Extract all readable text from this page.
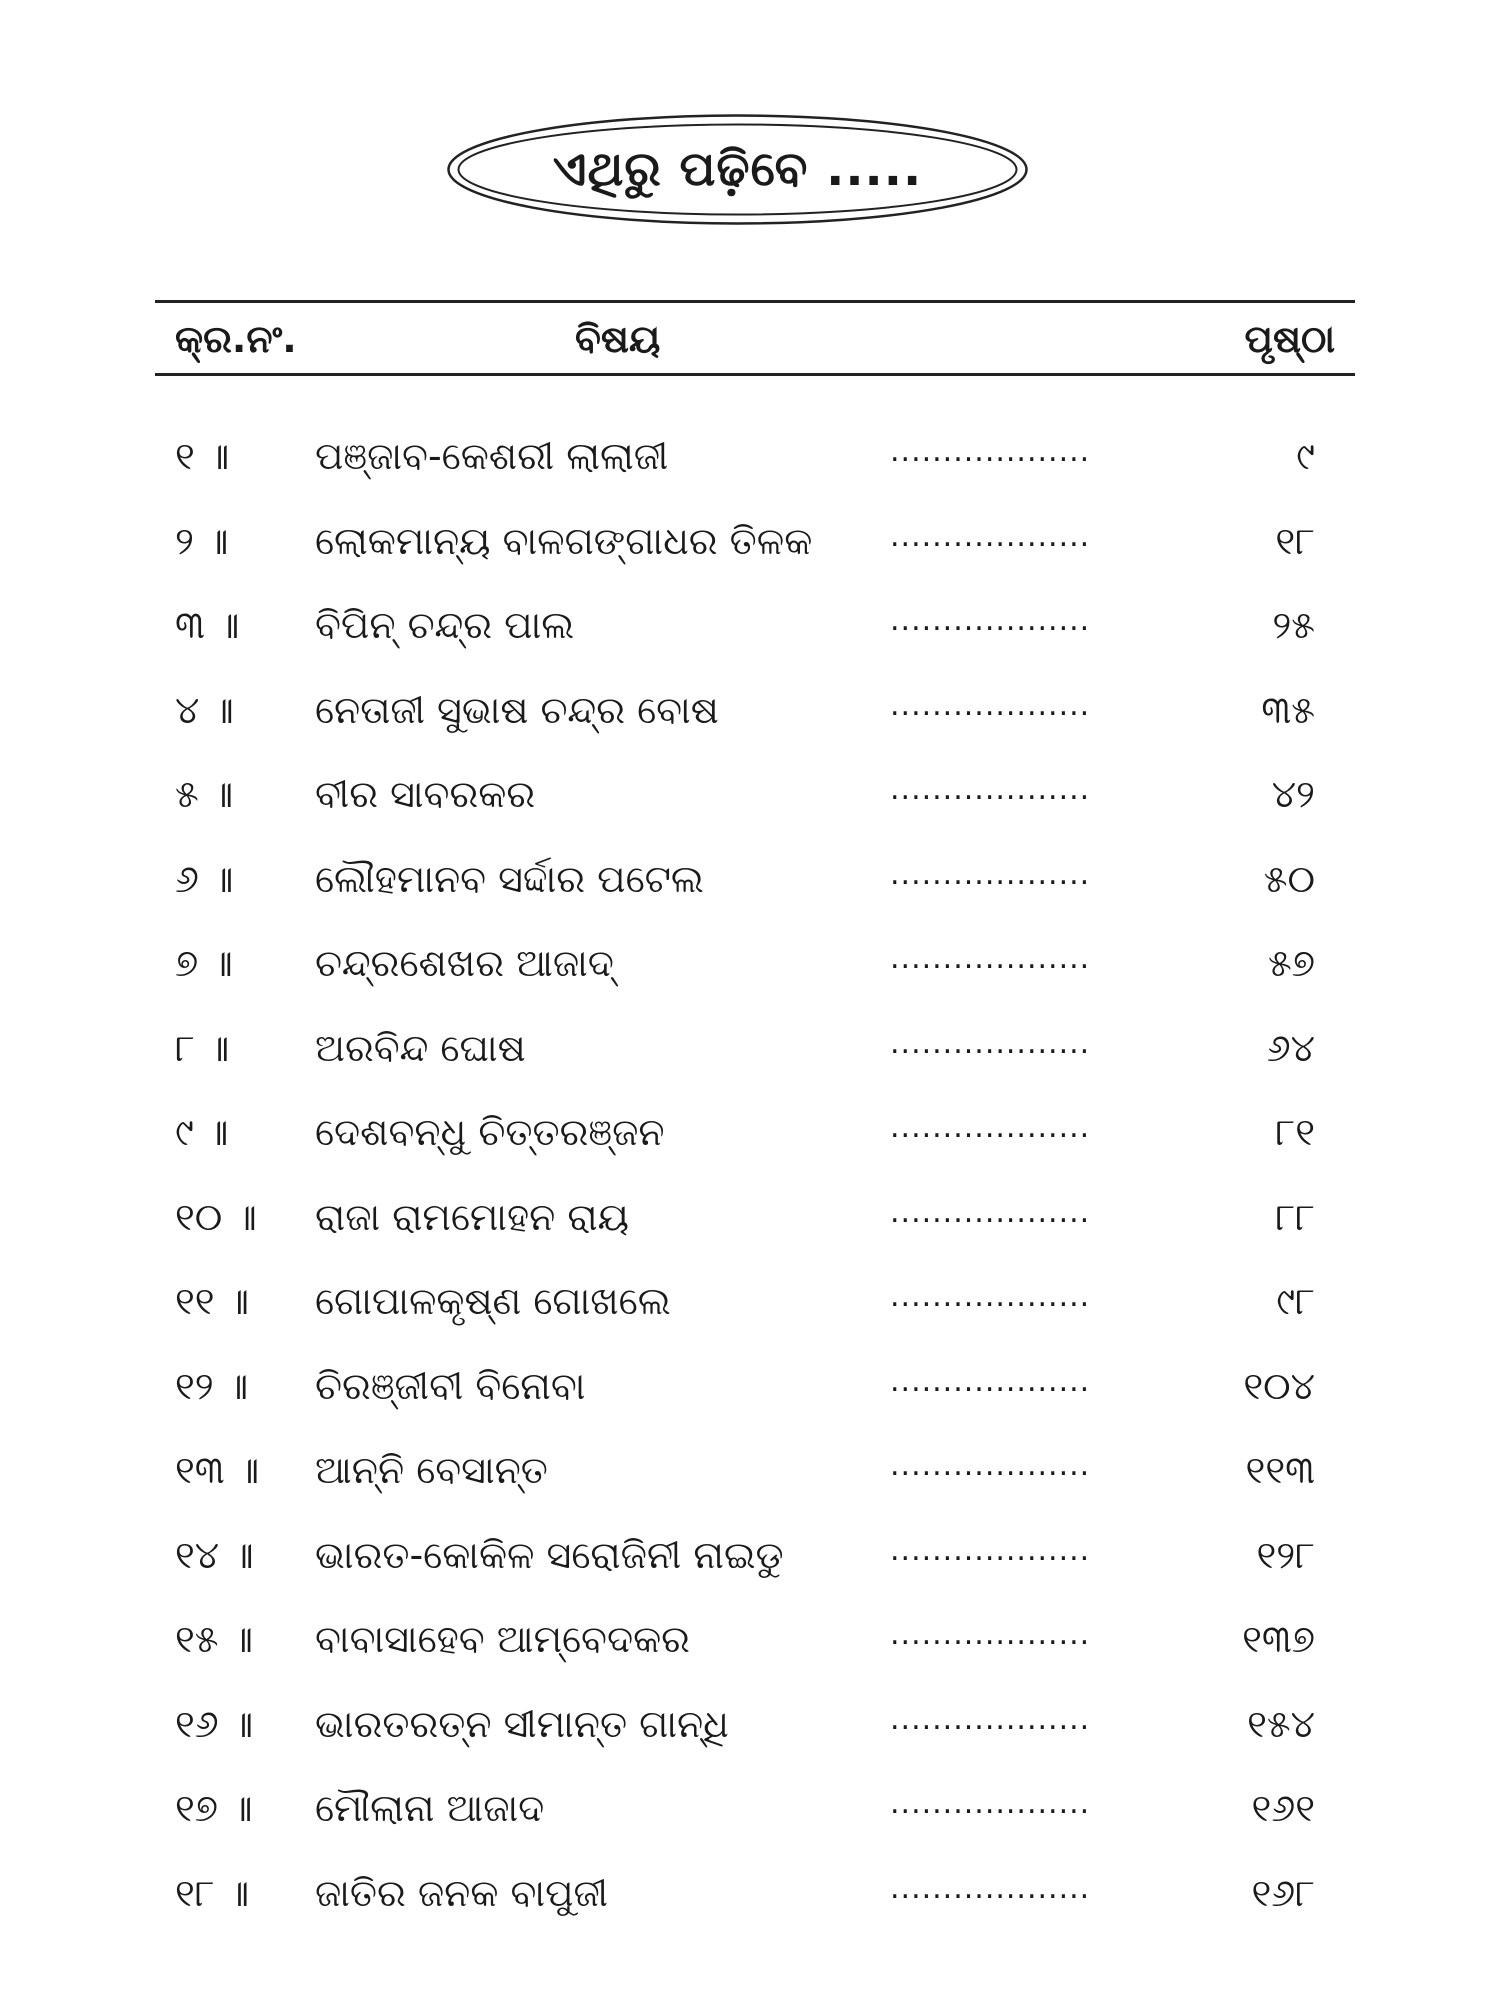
ଏଥିରୁ ପଢ଼ିବେ .....
କ୍ର.ନଂ.	ବିଷୟ	ପୃଷ୍ଠା
୧ ॥	ପଞ୍ଜାବ-କେଶରୀ ଲାଲାଜୀ	...................	୯
୨ ॥	ଲୋକମାନ୍ୟ ବାଳଗଙ୍ଗାଧର ତିଳକ	...................	୧୮
୩ ॥	ବିପିନ୍ ଚନ୍ଦ୍ର ପାଲ	...................	୨୫
୪ ॥	ନେତାଜୀ ସୁଭାଷ ଚନ୍ଦ୍ର ବୋଷ	...................	୩୫
୫ ॥	ବୀର ସାବରକର	...................	୪୨
୬ ॥	ଲୌହମାନବ ସର୍ଦ୍ଦାର ପଟେଲ	...................	୫୦
୭ ॥	ଚନ୍ଦ୍ରଶେଖର ଆଜାଦ୍	...................	୫୭
୮ ॥	ଅରବିନ୍ଦ ଘୋଷ	...................	୬୪
୯ ॥	ଦେଶବନ୍ଧୁ ଚିତ୍ତରଞ୍ଜନ	...................	୮୧
୧୦ ॥	ରାଜା ରାମମୋହନ ରାୟ	...................	୮୮
୧୧ ॥	ଗୋପାଳକୃଷ୍ଣ ଗୋଖଲେ	...................	୯୮
୧୨ ॥	ଚିରଞ୍ଜୀବୀ ବିନୋବା	...................	୧୦୪
୧୩ ॥	ଆନ୍ନି ବେସାନ୍ତ	...................	୧୧୩
୧୪ ॥	ଭାରତ-କୋକିଳ ସରୋଜିନୀ ନାଇଡୁ	...................	୧୨୮
୧୫ ॥	ବାବାସାହେବ ଆମ୍ବେଦକର	...................	୧୩୭
୧୬ ॥	ଭାରତରତ୍ନ ସୀମାନ୍ତ ଗାନ୍ଧି	...................	୧୫୪
୧୭ ॥	ମୌଲାନା ଆଜାଦ	...................	୧୬୧
୧୮ ॥	ଜାତିର ଜନକ ବାପୁଜୀ	...................	୧୬୮
